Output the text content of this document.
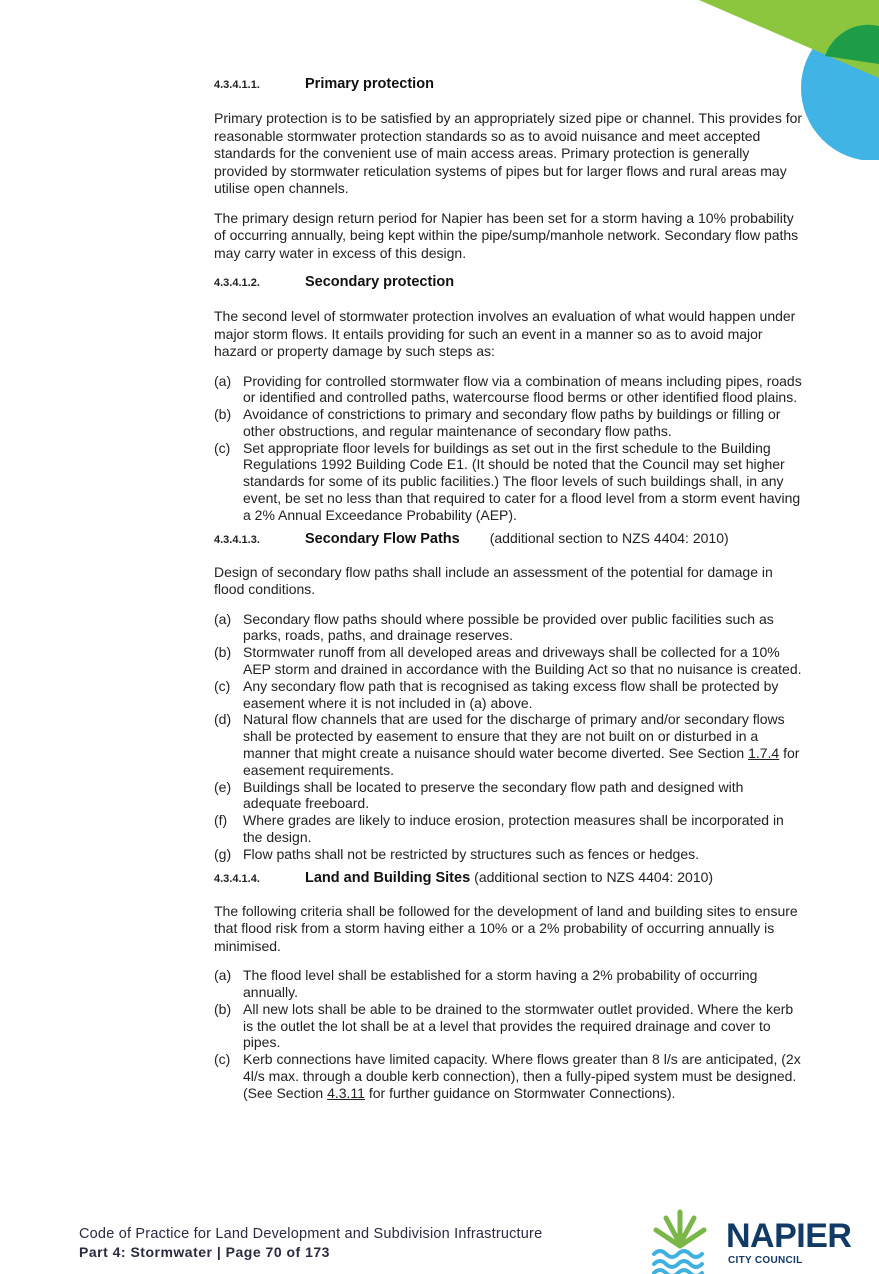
4.3.4.1.1.	Primary protection

Primary protection is to be satisfied by an appropriately sized pipe or channel. This provides for reasonable stormwater protection standards so as to avoid nuisance and meet accepted standards for the convenient use of main access areas. Primary protection is generally provided by stormwater reticulation systems of pipes but for larger flows and rural areas may utilise open channels.

The primary design return period for Napier has been set for a storm having a 10% probability of occurring annually, being kept within the pipe/sump/manhole network. Secondary flow paths may carry water in excess of this design.

4.3.4.1.2.	Secondary protection

The second level of stormwater protection involves an evaluation of what would happen under major storm flows. It entails providing for such an event in a manner so as to avoid major hazard or property damage by such steps as:

(a) Providing for controlled stormwater flow via a combination of means including pipes, roads or identified and controlled paths, watercourse flood berms or other identified flood plains.
(b) Avoidance of constrictions to primary and secondary flow paths by buildings or filling or other obstructions, and regular maintenance of secondary flow paths.
(c) Set appropriate floor levels for buildings as set out in the first schedule to the Building Regulations 1992 Building Code E1. (It should be noted that the Council may set higher standards for some of its public facilities.) The floor levels of such buildings shall, in any event, be set no less than that required to cater for a flood level from a storm event having a 2% Annual Exceedance Probability (AEP).
4.3.4.1.3.	Secondary Flow Paths (additional section to NZS 4404: 2010)

Design of secondary flow paths shall include an assessment of the potential for damage in flood conditions.

(a) Secondary flow paths should where possible be provided over public facilities such as parks, roads, paths, and drainage reserves.
(b) Stormwater runoff from all developed areas and driveways shall be collected for a 10% AEP storm and drained in accordance with the Building Act so that no nuisance is created.
(c) Any secondary flow path that is recognised as taking excess flow shall be protected by easement where it is not included in (a) above.
(d) Natural flow channels that are used for the discharge of primary and/or secondary flows shall be protected by easement to ensure that they are not built on or disturbed in a manner that might create a nuisance should water become diverted. See Section 1.7.4 for easement requirements.
(e) Buildings shall be located to preserve the secondary flow path and designed with adequate freeboard.
(f)	Where grades are likely to induce erosion, protection measures shall be incorporated in the design.
(g) Flow paths shall not be restricted by structures such as fences or hedges.
4.3.4.1.4.	Land and Building Sites (additional section to NZS 4404: 2010)

The following criteria shall be followed for the development of land and building sites to ensure that flood risk from a storm having either a 10% or a 2% probability of occurring annually is minimised.

(a) The flood level shall be established for a storm having a 2% probability of occurring annually.
(b) All new lots shall be able to be drained to the stormwater outlet provided. Where the kerb is the outlet the lot shall be at a level that provides the required drainage and cover to pipes.
(c) Kerb connections have limited capacity. Where flows greater than 8 l/s are anticipated, (2x 4l/s max. through a double kerb connection), then a fully-piped system must be designed. (See Section 4.3.11 for further guidance on Stormwater Connections).
Code of Practice for Land Development and Subdivision Infrastructure
Part 4: Stormwater | Page 70 of 173	NAPIER
CITY COUNCIL
